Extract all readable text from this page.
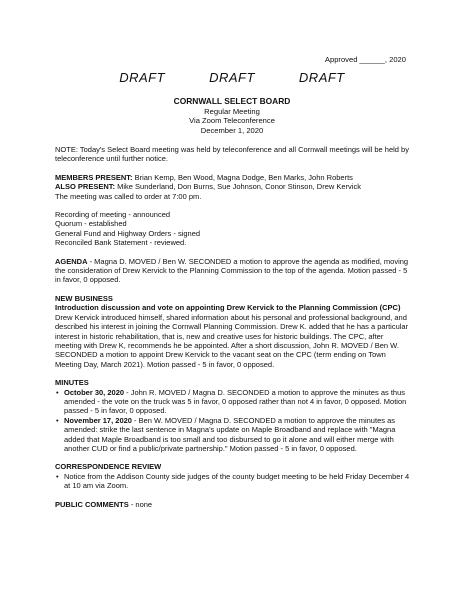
Approved ______, 2020
DRAFT	DRAFT	DRAFT
CORNWALL SELECT BOARD
Regular Meeting
Via Zoom Teleconference
December 1, 2020

NOTE: Today's Select Board meeting was held by teleconference and all Cornwall meetings will be held by teleconference until further notice.

MEMBERS PRESENT: Brian Kemp, Ben Wood, Magna Dodge, Ben Marks, John Roberts

ALSO PRESENT: Mike Sunderland, Don Burns, Sue Johnson, Conor Stinson, Drew Kervick

The meeting was called to order at 7:00 pm.

Recording of meeting - announced

Quorum - established

General Fund and Highway Orders - signed

Reconciled Bank Statement - reviewed.

AGENDA - Magna D. MOVED / Ben W. SECONDED a motion to approve the agenda as modified, moving the consideration of Drew Kervick to the Planning Commission to the top of the agenda. Motion passed - 5 in favor, 0 opposed.

NEW BUSINESS

Introduction discussion and vote on appointing Drew Kervick to the Planning Commission (CPC)

Drew Kervick introduced himself, shared information about his personal and professional background, and described his interest in joining the Cornwall Planning Commission. Drew K. added that he has a particular interest in historic rehabilitation, that is, new and creative uses for historic buildings. The CPC, after meeting with Drew K, recommends he be appointed. After a short discussion, John R. MOVED / Ben W. SECONDED a motion to appoint Drew Kervick to the vacant seat on the CPC (term ending on Town Meeting Day, March 2021). Motion passed - 5 in favor, 0 opposed.

MINUTES

• October 30, 2020 - John R. MOVED / Magna D. SECONDED a motion to approve the minutes as thus amended - the vote on the truck was 5 in favor, 0 opposed rather than not 4 in favor, 0 opposed. Motion passed - 5 in favor, 0 opposed.
• November 17, 2020 - Ben W. MOVED / Magna D. SECONDED a motion to approve the minutes as amended: strike the last sentence in Magna's update on Maple Broadband and replace with "Magna added that Maple Broadband is too small and too disbursed to go it alone and will either merge with another CUD or find a public/private partnership." Motion passed - 5 in favor, 0 opposed.

CORRESPONDENCE REVIEW

• Notice from the Addison County side judges of the county budget meeting to be held Friday December 4 at 10 am via Zoom.

PUBLIC COMMENTS - none
